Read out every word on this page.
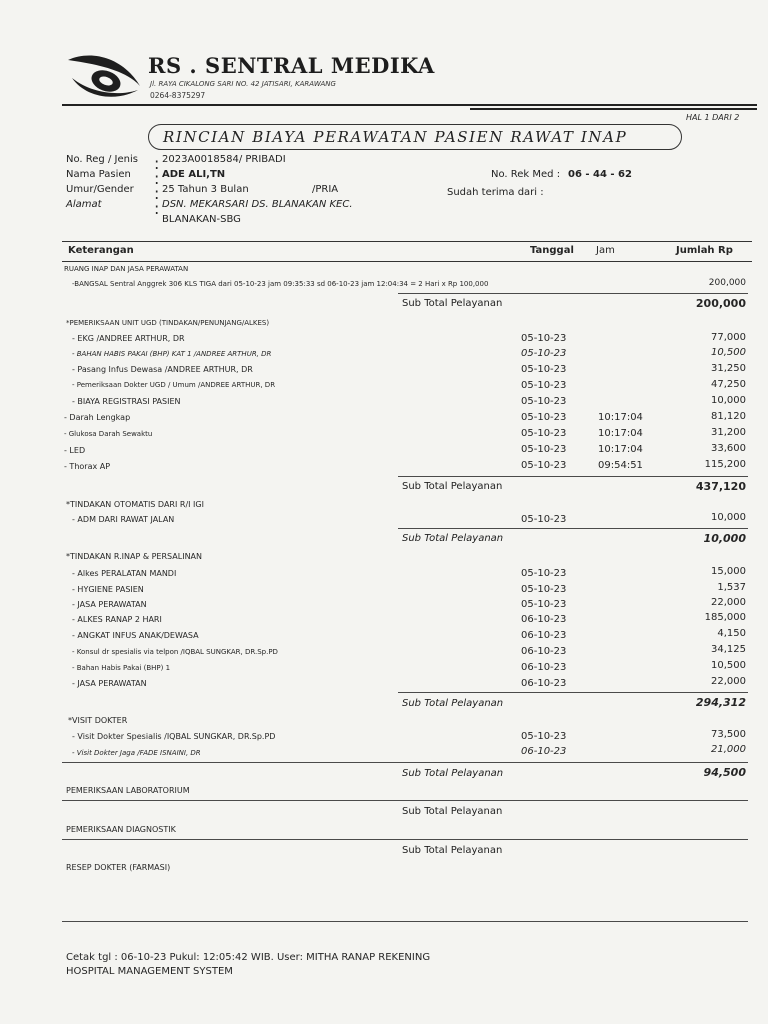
RS . SENTRAL MEDIKA
Jl. RAYA CIKALONG SARI NO. 42 JATISARI, KARAWANG
0264-8375297
HAL 1 DARI 2
RINCIAN BIAYA PERAWATAN PASIEN RAWAT INAP
No. Reg / Jenis : 2023A0018584/ PRIBADI
Nama Pasien : ADE ALI,TN
Umur/Gender : 25 Tahun 3 Bulan	/PRIA
Alamat	: DSN. MEKARSARI DS. BLANAKAN KEC.
BLANAKAN-SBG
No. Rek Med : 06 - 44 - 62
Sudah terima dari :
Keterangan	Tanggal Jam	Jumlah Rp
RUANG INAP DAN JASA PERAWATAN
-BANGSAL Sentral Anggrek 306 KLS TIGA dari 05-10-23 jam 09:35:33 sd 06-10-23 jam 12:04:34 = 2 Hari x Rp 100,000	200,000
Sub Total Pelayanan	200,000
*PEMERIKSAAN UNIT UGD (TINDAKAN/PENUNJANG/ALKES)
- EKG /ANDREE ARTHUR, DR	05-10-23	77,000
- BAHAN HABIS PAKAI (BHP) KAT 1 /ANDREE ARTHUR, DR	05-10-23	10,500
- Pasang Infus Dewasa /ANDREE ARTHUR, DR	05-10-23	31,250
- Pemeriksaan Dokter UGD / Umum /ANDREE ARTHUR, DR	05-10-23	47,250
- BIAYA REGISTRASI PASIEN	05-10-23	10,000
- Darah Lengkap	05-10-23	10:17:04	81,120
- Glukosa Darah Sewaktu	05-10-23	10:17:04	31,200
- LED	05-10-23	10:17:04	33,600
- Thorax AP	05-10-23	09:54:51	115,200
Sub Total Pelayanan	437,120
*TINDAKAN OTOMATIS DARI R/I IGI
- ADM DARI RAWAT JALAN	05-10-23	10,000
Sub Total Pelayanan	10,000
*TINDAKAN R.INAP & PERSALINAN
- Alkes PERALATAN MANDI	05-10-23	15,000
- HYGIENE PASIEN	05-10-23	1,537
- JASA PERAWATAN	05-10-23	22,000
- ALKES RANAP 2 HARI	06-10-23	185,000
- ANGKAT INFUS ANAK/DEWASA	06-10-23	4,150
- Konsul dr spesialis via telpon /IQBAL SUNGKAR, DR.Sp.PD	06-10-23	34,125
- Bahan Habis Pakai (BHP) 1	06-10-23	10,500
- JASA PERAWATAN	06-10-23	22,000
Sub Total Pelayanan	294,312
*VISIT DOKTER
- Visit Dokter Spesialis /IQBAL SUNGKAR, DR.Sp.PD	05-10-23	73,500
- Visit Dokter Jaga /FADE ISNAINI, DR	06-10-23	21,000
Sub Total Pelayanan	94,500
PEMERIKSAAN LABORATORIUM
Sub Total Pelayanan
PEMERIKSAAN DIAGNOSTIK
Sub Total Pelayanan
RESEP DOKTER (FARMASI)
Cetak tgl : 06-10-23 Pukul: 12:05:42 WIB. User: MITHA RANAP REKENING
HOSPITAL MANAGEMENT SYSTEM
